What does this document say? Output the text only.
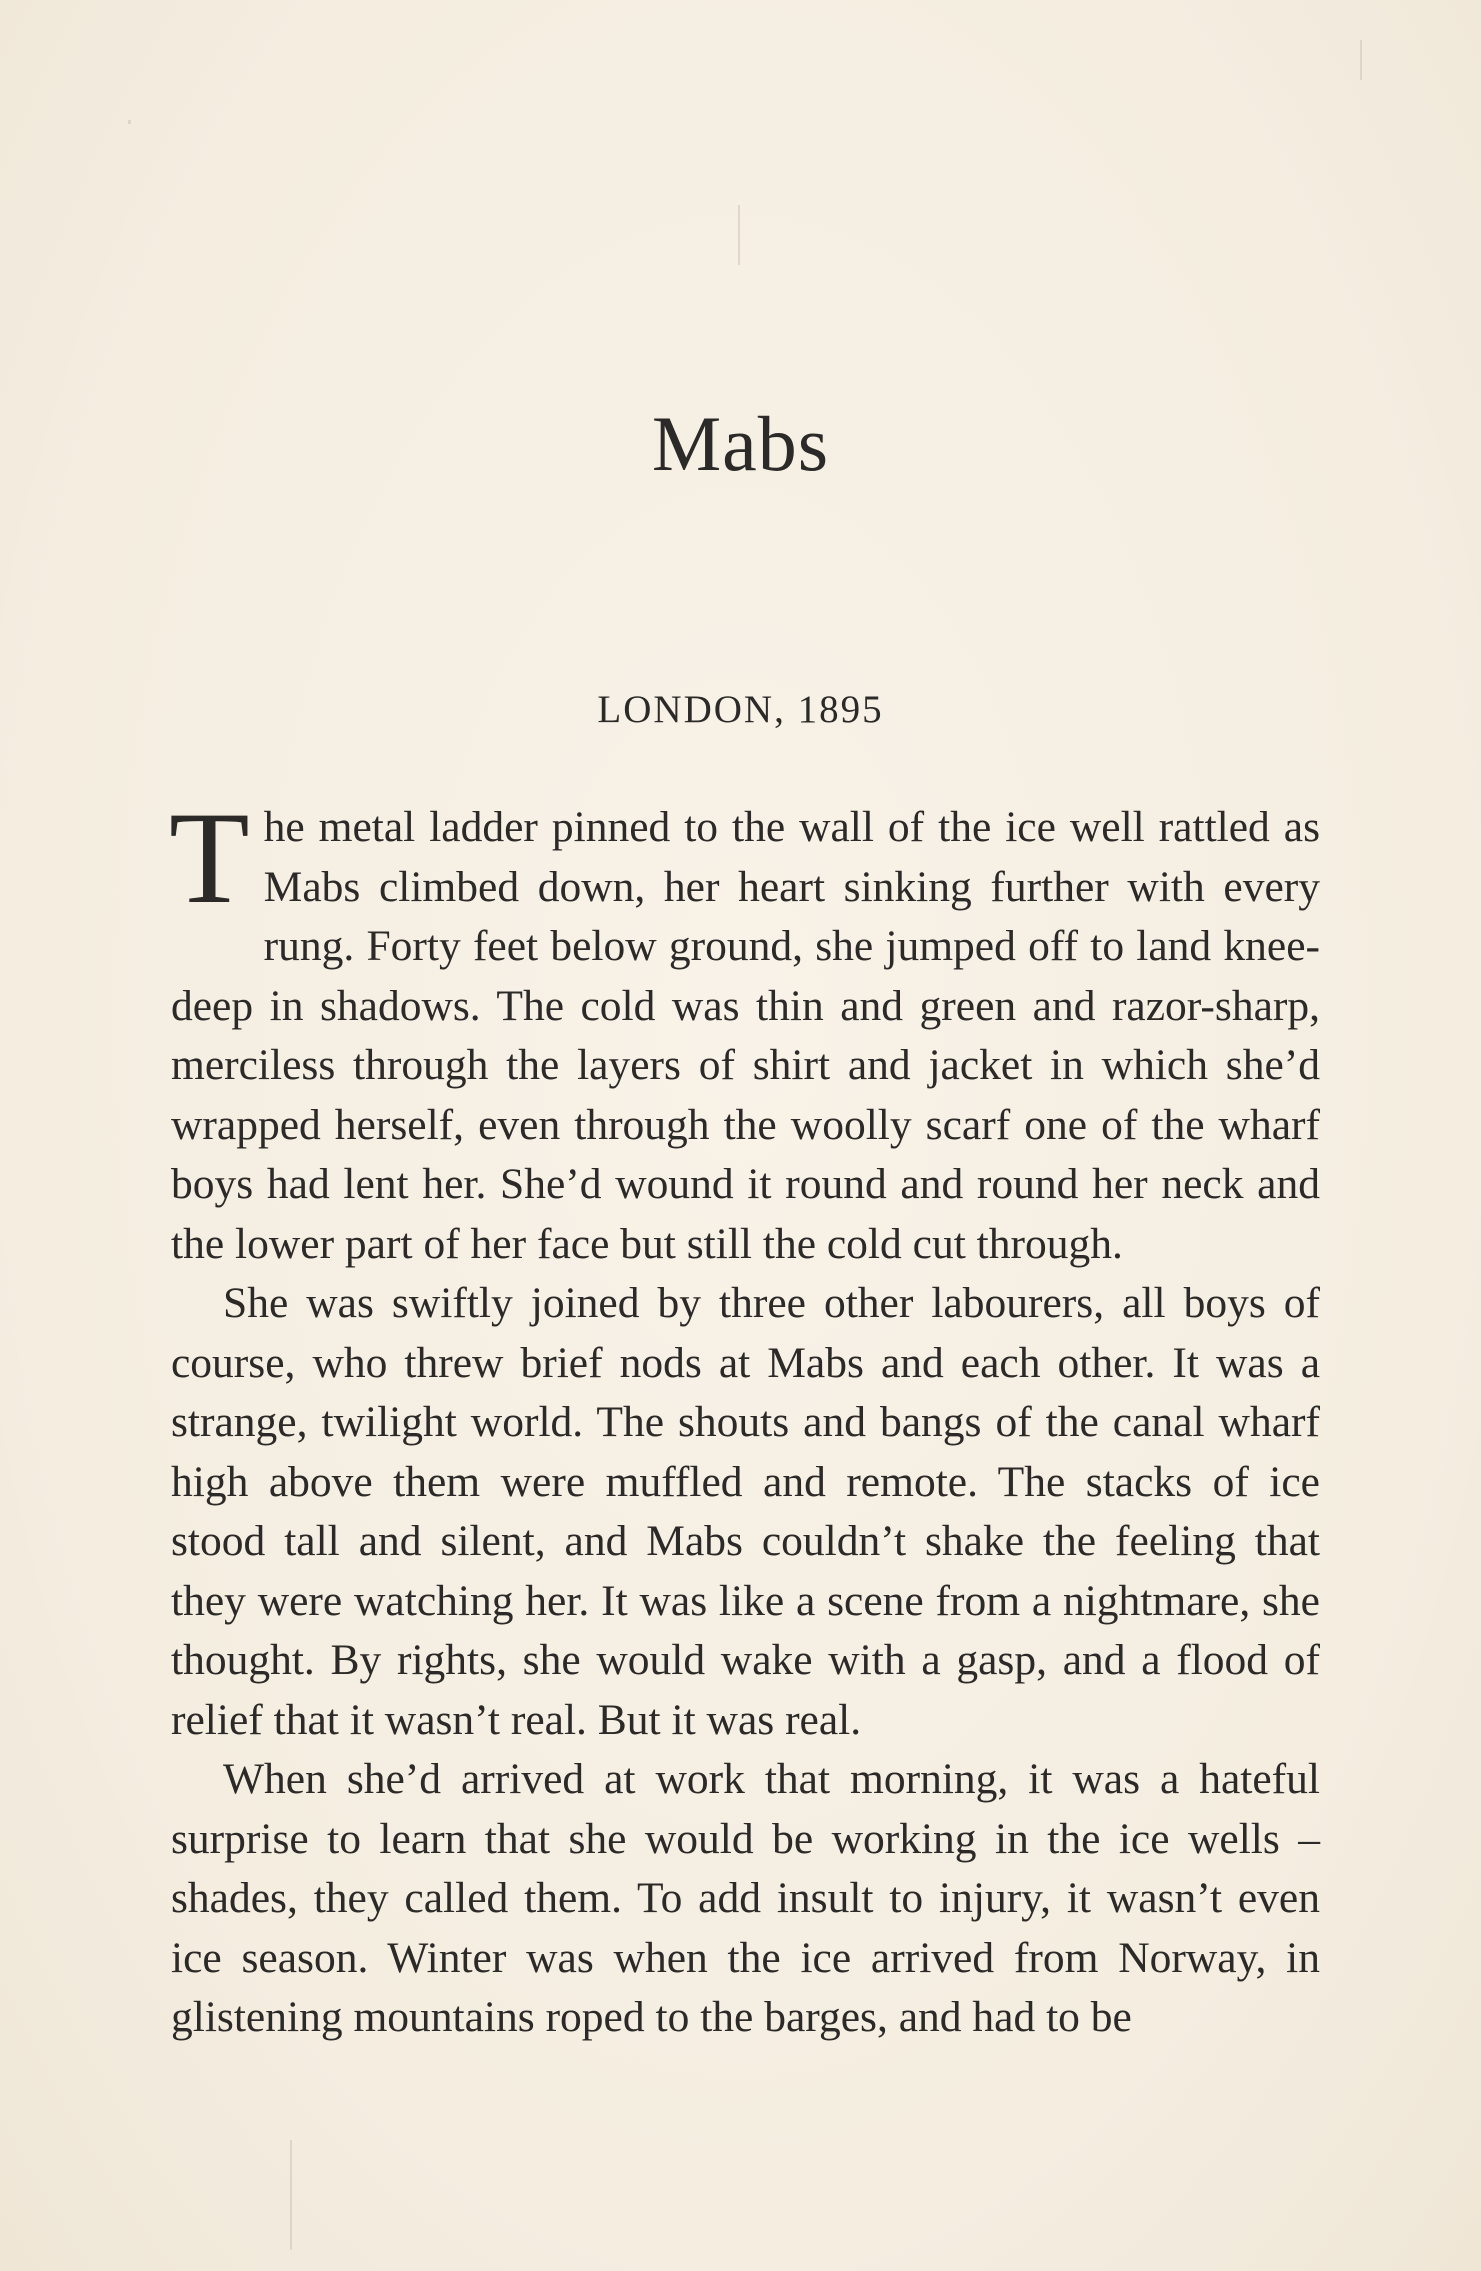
Mabs
LONDON, 1895

The metal ladder pinned to the wall of the ice well rattled as Mabs climbed down, her heart sinking further with every rung. Forty feet below ground, she jumped off to land knee-deep in shadows. The cold was thin and green and razor-sharp, merciless through the layers of shirt and jacket in which she’d wrapped herself, even through the woolly scarf one of the wharf boys had lent her. She’d wound it round and round her neck and the lower part of her face but still the cold cut through.

She was swiftly joined by three other labourers, all boys of course, who threw brief nods at Mabs and each other. It was a strange, twilight world. The shouts and bangs of the canal wharf high above them were muffled and remote. The stacks of ice stood tall and silent, and Mabs couldn’t shake the feeling that they were watching her. It was like a scene from a nightmare, she thought. By rights, she would wake with a gasp, and a flood of relief that it wasn’t real. But it was real.

When she’d arrived at work that morning, it was a hateful surprise to learn that she would be working in the ice wells – shades, they called them. To add insult to injury, it wasn’t even ice season. Winter was when the ice arrived from Norway, in glistening mountains roped to the barges, and had to be
